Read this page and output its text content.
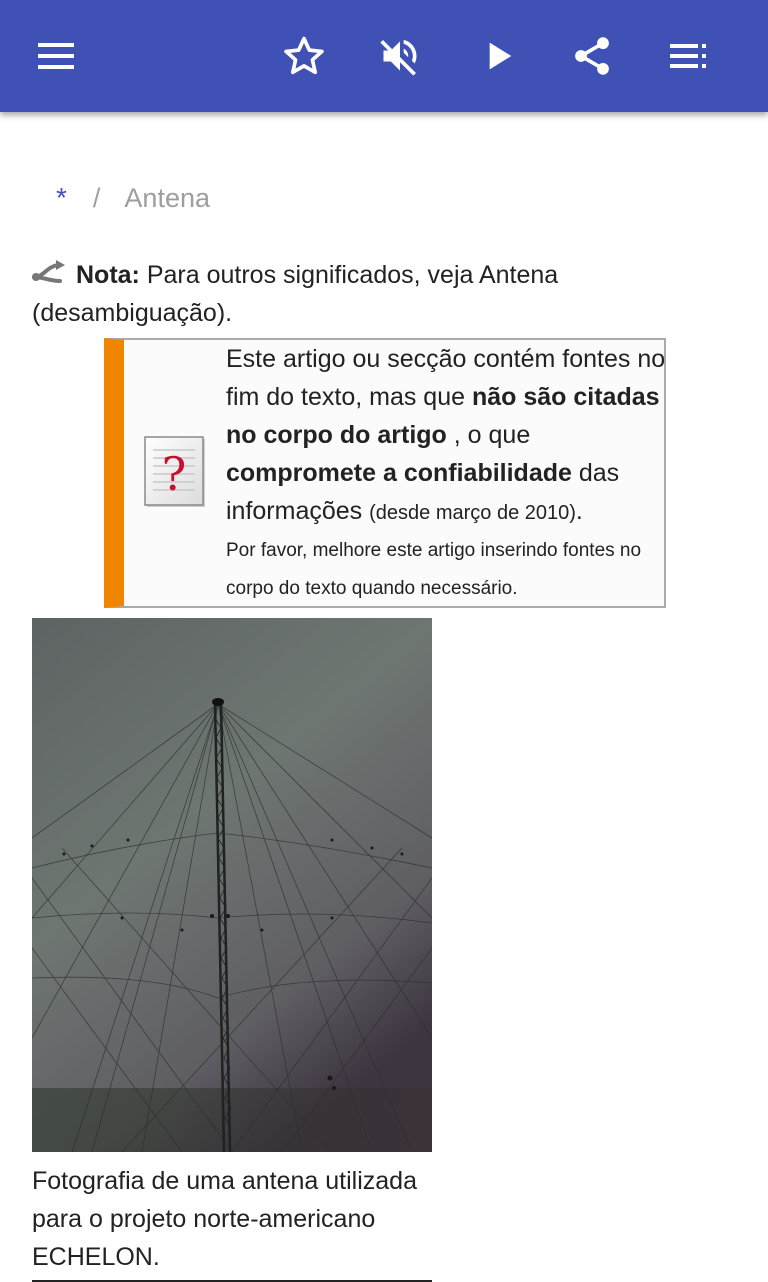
* / Antena
Nota: Para outros significados, veja Antena (desambiguação).
?
Este artigo ou secção contém fontes no fim do texto, mas que não são citadas no corpo do artigo , o que compromete a confiabilidade das informações (desde março de 2010).
Por favor, melhore este artigo inserindo fontes no corpo do texto quando necessário.
Fotografia de uma antena utilizada para o projeto norte-americano ECHELON.
